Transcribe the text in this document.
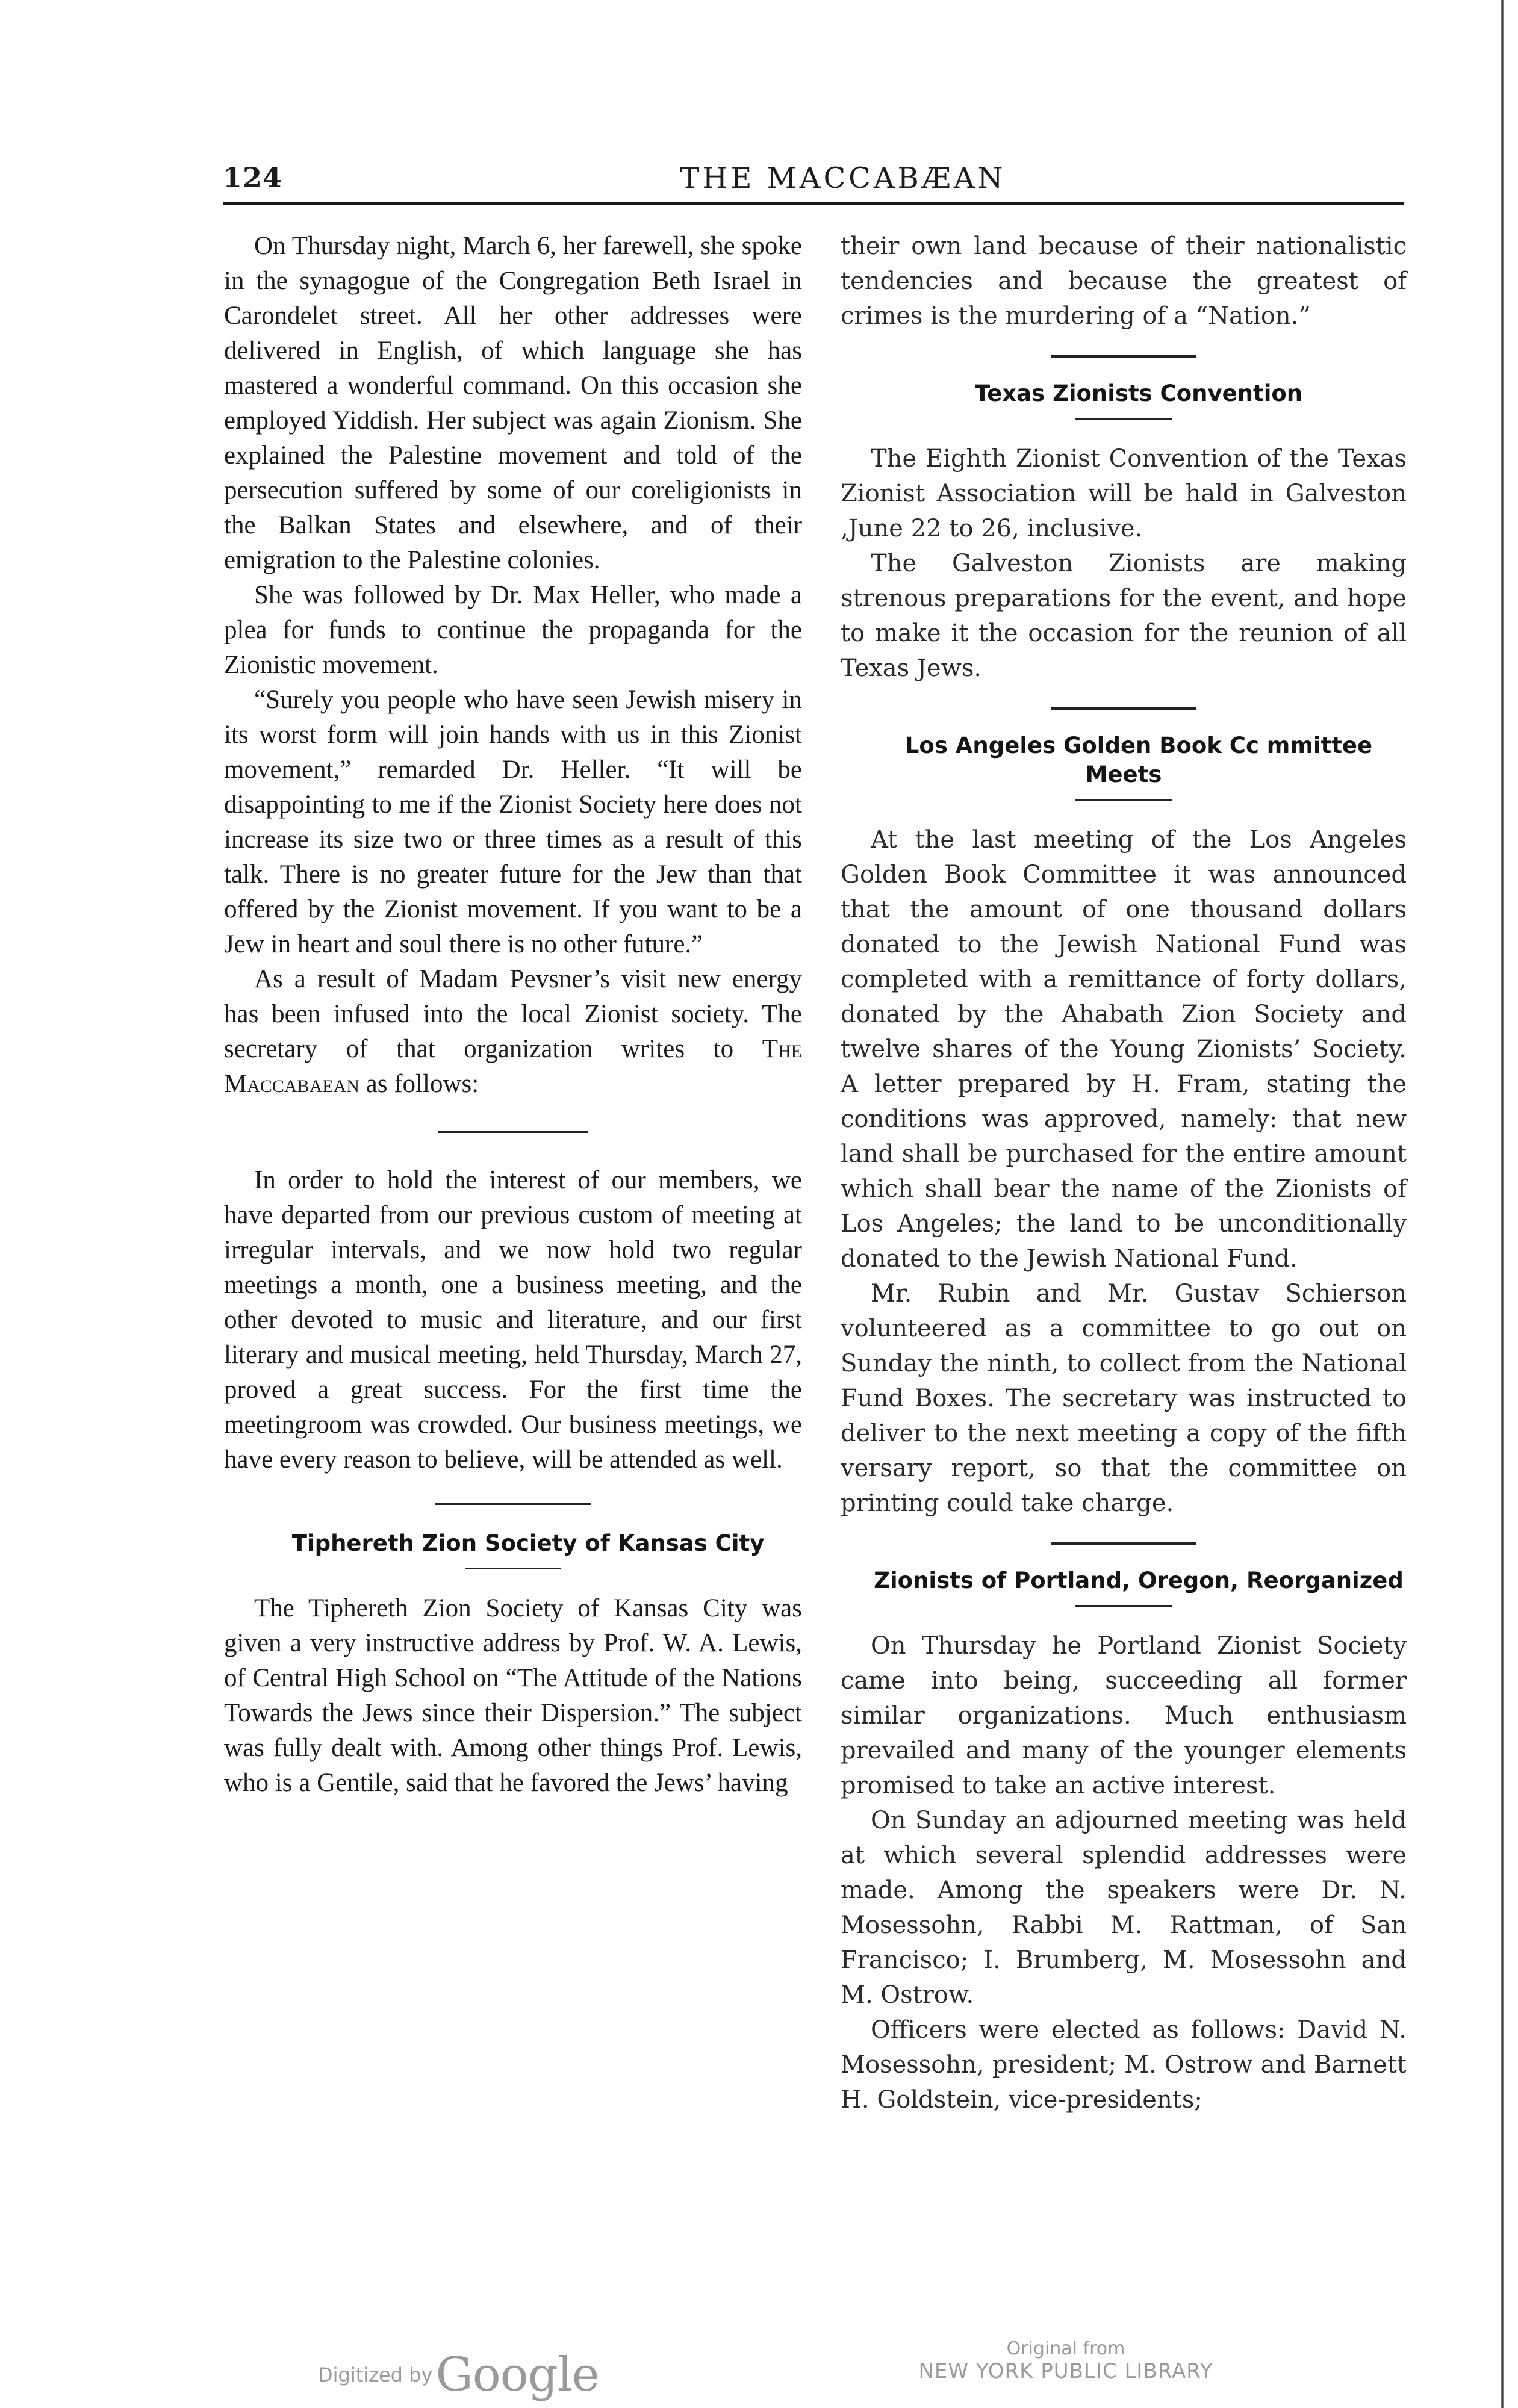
124	THE MACCABÆAN

On Thursday night, March 6, her farewell, she spoke in the synagogue of the Congregation Beth Israel in Carondelet street. All her other addresses were delivered in English, of which language she has mastered a wonderful command. On this occasion she employed Yiddish. Her subject was again Zionism. She explained the Palestine movement and told of the persecution suffered by some of our coreligionists in the Balkan States and elsewhere, and of their emigration to the Palestine colonies.

She was followed by Dr. Max Heller, who made a plea for funds to continue the propaganda for the Zionistic movement.

“Surely you people who have seen Jewish misery in its worst form will join hands with us in this Zionist movement,” remarded Dr. Heller. “It will be disappointing to me if the Zionist Society here does not increase its size two or three times as a result of this talk. There is no greater future for the Jew than that offered by the Zionist movement. If you want to be a Jew in heart and soul there is no other future.”

As a result of Madam Pevsner’s visit new energy has been infused into the local Zionist society. The secretary of that organization writes to The Maccabaean as follows:

In order to hold the interest of our members, we have departed from our previous custom of meeting at irregular intervals, and we now hold two regular meetings a month, one a business meeting, and the other devoted to music and literature, and our first literary and musical meeting, held Thursday, March 27, proved a great success. For the first time the meetingroom was crowded. Our business meetings, we have every reason to believe, will be attended as well.

Tiphereth Zion Society of Kansas City

The Tiphereth Zion Society of Kansas City was given a very instructive address by Prof. W. A. Lewis, of Central High School on “The Attitude of the Nations Towards the Jews since their Dispersion.” The subject was fully dealt with. Among other things Prof. Lewis, who is a Gentile, said that he favored the Jews’ having

their own land because of their nationalistic tendencies and because the greatest of crimes is the murdering of a “Nation.”

Texas Zionists Convention

The Eighth Zionist Convention of the Texas Zionist Association will be hald in Galveston ,June 22 to 26, inclusive.

The Galveston Zionists are making strenous preparations for the event, and hope to make it the occasion for the reunion of all Texas Jews.

Los Angeles Golden Book Cc mmittee Meets

At the last meeting of the Los Angeles Golden Book Committee it was announced that the amount of one thousand dollars donated to the Jewish National Fund was completed with a remittance of forty dollars, donated by the Ahabath Zion Society and twelve shares of the Young Zionists’ Society. A letter prepared by H. Fram, stating the conditions was approved, namely: that new land shall be purchased for the entire amount which shall bear the name of the Zionists of Los Angeles; the land to be unconditionally donated to the Jewish National Fund.

Mr. Rubin and Mr. Gustav Schierson volunteered as a committee to go out on Sunday the ninth, to collect from the National Fund Boxes. The secretary was instructed to deliver to the next meeting a copy of the fifth versary report, so that the committee on printing could take charge.

Zionists of Portland, Oregon, Reorganized

On Thursday he Portland Zionist Society came into being, succeeding all former similar organizations. Much enthusiasm prevailed and many of the younger elements promised to take an active interest.

On Sunday an adjourned meeting was held at which several splendid addresses were made. Among the speakers were Dr. N. Mosessohn, Rabbi M. Rattman, of San Francisco; I. Brumberg, M. Mosessohn and M. Ostrow.

Officers were elected as follows: David N. Mosessohn, president; M. Ostrow and Barnett H. Goldstein, vice-presidents;

Digitized by Google	Original from
NEW YORK PUBLIC LIBRARY
